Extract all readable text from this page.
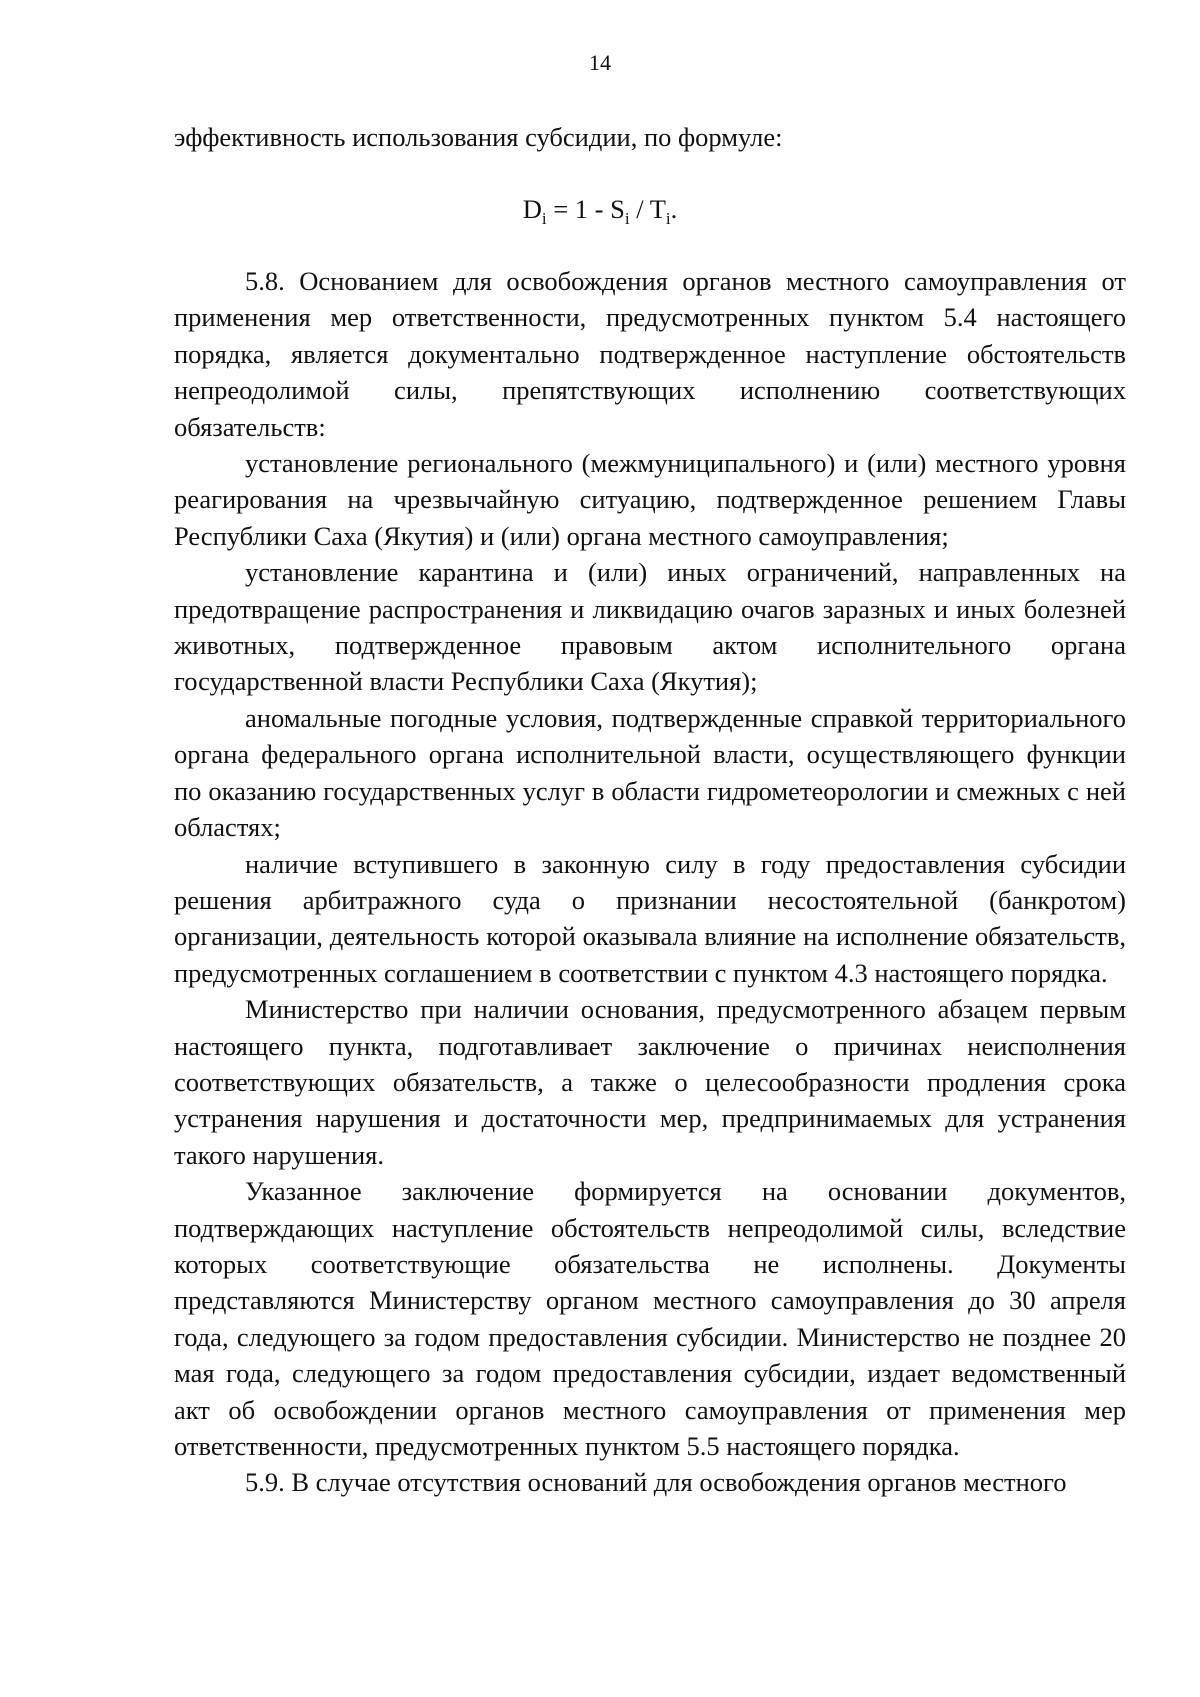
14
эффективность использования субсидии, по формуле:
$D_i = 1 - S_i / T_i$.

5.8. Основанием для освобождения органов местного самоуправления от применения мер ответственности, предусмотренных пунктом 5.4 настоящего порядка, является документально подтвержденное наступление обстоятельств непреодолимой силы, препятствующих исполнению соответствующих обязательств:

установление регионального (межмуниципального) и (или) местного уровня реагирования на чрезвычайную ситуацию, подтвержденное решением Главы Республики Саха (Якутия) и (или) органа местного самоуправления;

установление карантина и (или) иных ограничений, направленных на предотвращение распространения и ликвидацию очагов заразных и иных болезней животных, подтвержденное правовым актом исполнительного органа государственной власти Республики Саха (Якутия);

аномальные погодные условия, подтвержденные справкой территориального органа федерального органа исполнительной власти, осуществляющего функции по оказанию государственных услуг в области гидрометеорологии и смежных с ней областях;

наличие вступившего в законную силу в году предоставления субсидии решения арбитражного суда о признании несостоятельной (банкротом) организации, деятельность которой оказывала влияние на исполнение обязательств, предусмотренных соглашением в соответствии с пунктом 4.3 настоящего порядка.

Министерство при наличии основания, предусмотренного абзацем первым настоящего пункта, подготавливает заключение о причинах неисполнения соответствующих обязательств, а также о целесообразности продления срока устранения нарушения и достаточности мер, предпринимаемых для устранения такого нарушения.

Указанное заключение формируется на основании документов, подтверждающих наступление обстоятельств непреодолимой силы, вследствие которых соответствующие обязательства не исполнены. Документы представляются Министерству органом местного самоуправления до 30 апреля года, следующего за годом предоставления субсидии. Министерство не позднее 20 мая года, следующего за годом предоставления субсидии, издает ведомственный акт об освобождении органов местного самоуправления от применения мер ответственности, предусмотренных пунктом 5.5 настоящего порядка.

5.9. В случае отсутствия оснований для освобождения органов местного
